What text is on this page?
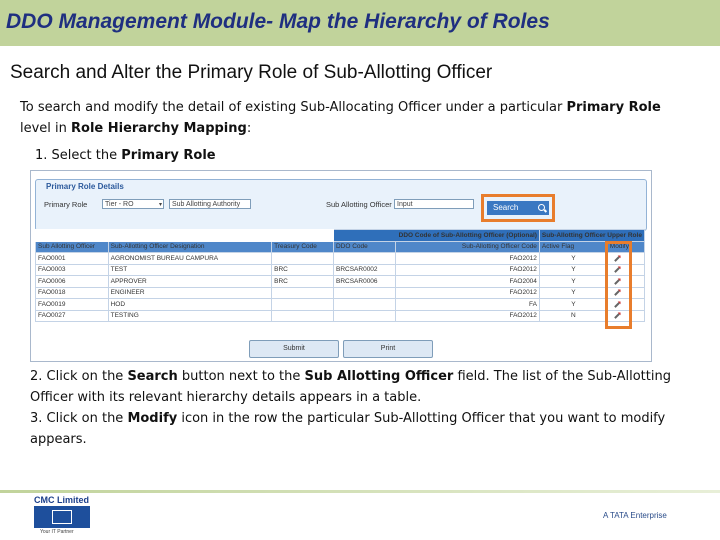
DDO Management Module- Map the Hierarchy of Roles
Search and Alter the Primary Role of Sub-Allotting Officer
To search and modify the detail of existing Sub-Allocating Officer under a particular Primary Role level in Role Hierarchy Mapping:
1. Select the Primary Role
Primary Role Details
Primary Role	Tier - RO	▾	Sub Allotting Authority	Sub Allotting Officer Input	Search
			DDO Code of Sub-Allotting Officer (Optional)		Sub-Allotting Officer Upper Role	
Sub Allotting Officer	Sub-Allotting Officer Designation	Treasury Code	DDO Code	Sub-Allotting Officer Code	Active Flag	Modify
FAO0001	AGRONOMIST BUREAU CAMPURA			FAO2012	Y	
FAO0003	TEST	BRC	BRCSAR0002	FAO2012	Y	
FAO0006	APPROVER	BRC	BRCSAR0006	FAO2004	Y	
FAO0018	ENGINEER			FAO2012	Y	
FAO0019	HOD			FA	Y	
FAO0027	TESTING			FAO2012	N	
Submit	Print
2. Click on the Search button next to the Sub Allotting Officer field. The list of the Sub-Allotting Officer with its relevant hierarchy details appears in a table.
3. Click on the Modify icon in the row the particular Sub-Allotting Officer that you want to modify appears.
CMC Limited
Your IT Partner
A TATA Enterprise
